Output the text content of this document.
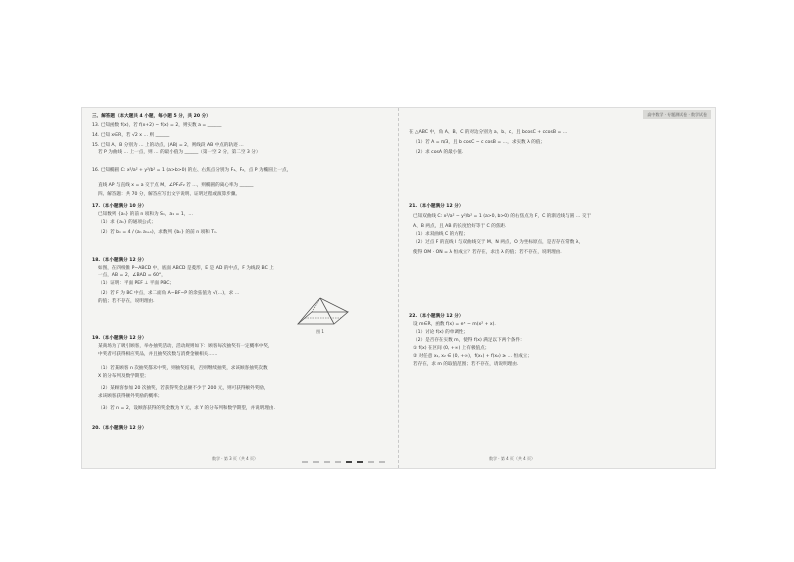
三、解答题（本大题共 4 小题，每小题 5 分，共 20 分）
13. 已知函数 f(x)，若 f(x+2) − f(x) = 2，则实数 a = ______
14. 已知 x∈R，若 √2 x … 则 ______
15. 已知 A、B 分别为 … 上的动点，|AB| = 2，则线段 AB 中点的轨迹 …
若 P 为曲线 … 上一点，则 … 的最小值为 ______（第一空 2 分，第二空 3 分）
16. 已知椭圆 C: x²/a² + y²/b² = 1 (a>b>0) 的左、右焦点分别为 F₁、F₂，点 P 为椭圆上一点，
直线 AP 与直线 x = a 交于点 M，∠PF₁F₂ 若 …，则椭圆的离心率为 ______
四、解答题：共 70 分，解答应写出文字说明、证明过程或演算步骤。
17.（本小题满分 10 分）
已知数列 {aₙ} 的前 n 项和为 Sₙ，a₁ = 1，…
（1）求 {aₙ} 的通项公式；
（2）若 bₙ = 4 / (aₙ aₙ₊₁)，求数列 {bₙ} 的前 n 项和 Tₙ.
18.（本小题满分 12 分）
如图，在四棱锥 P−ABCD 中，底面 ABCD 是菱形，E 是 AD 的中点，F 为线段 BC 上
一点，AB = 2，∠BAD = 60°，
（1）证明：平面 PEF ⊥ 平面 PBC；
（2）若 F 为 BC 中点，求二面角 A−BF−P 的余弦值为 √(…)，求 …
的值；若不存在，说明理由.
图 1
19.（本小题满分 12 分）
某商场为了吸引顾客，举办抽奖活动，活动规则如下：顾客每次抽奖有一定概率中奖，
中奖者可获得相应奖品，并且抽奖次数与消费金额相关……
（1）若某顾客 n 次抽奖都未中奖，则抽奖结束，否则继续抽奖，求该顾客抽奖次数
X 的分布列及数学期望；
（2）某顾客参加 20 次抽奖，若获得奖金总额不少于 200 元，则可获得额外奖励，
求该顾客获得额外奖励的概率；
（3）若 n = 2，设顾客获得的奖金数为 Y 元，求 Y 的分布列和数学期望，并说明理由.
20.（本小题满分 12 分）
数学 · 第 3 页（共 4 页）
高中数学 · 专题测试卷 · 数学试卷
在 △ABC 中，角 A、B、C 的对边分别为 a、b、c，且 bcosC + ccosB = …
（1）若 A = π/3，且 b cosC − c cosB = …，求实数 λ 的值；
（2）求 cosA 的最小值.
21.（本小题满分 12 分）
已知双曲线 C: x²/a² − y²/b² = 1 (a>0, b>0) 的右焦点为 F，C 的渐近线与圆 … 交于
A、B 两点，且 AB 的长度恰好等于 C 的焦距.
（1）求双曲线 C 的方程；
（2）过点 F 的直线 l 与双曲线交于 M、N 两点，O 为坐标原点，是否存在常数 λ，
使得 OM · ON = λ 恒成立？若存在，求出 λ 的值；若不存在，说明理由.
22.（本小题满分 12 分）
设 m∈R，函数 f(x) = eˣ − m(x² + x).
（1）讨论 f(x) 的单调性；
（2）是否存在实数 m，使得 f(x) 满足以下两个条件：
① f(x) 在区间 (0, +∞) 上有极值点；
② 对任意 x₁, x₂ ∈ (0, +∞)，f(x₁) + f(x₂) ≥ … 恒成立；
若存在，求 m 的取值范围；若不存在，请说明理由.
数学 · 第 4 页（共 4 页）
